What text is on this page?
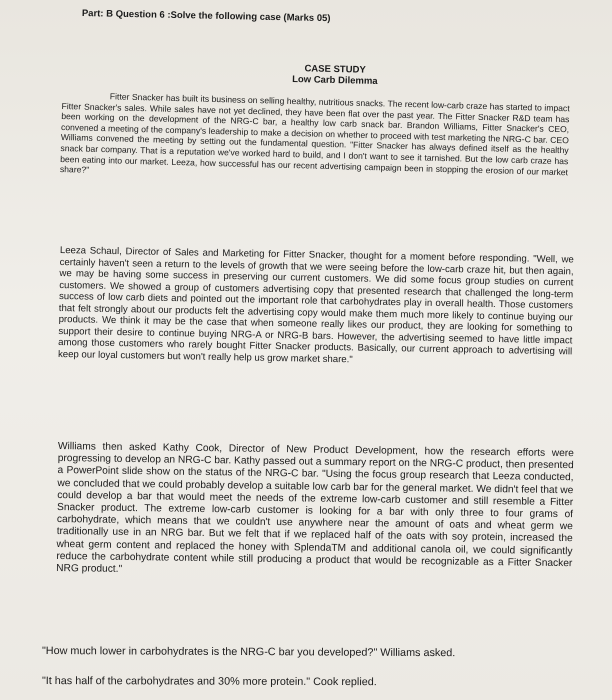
Part: B Question 6 :Solve the following case (Marks 05)
CASE STUDY
Low Carb Dilemma

Fitter Snacker has built its business on selling healthy, nutritious snacks. The recent low-carb craze has started to impact Fitter Snacker's sales. While sales have not yet declined, they have been flat over the past year. The Fitter Snacker R&D team has been working on the development of the NRG-C bar, a healthy low carb snack bar. Brandon Williams, Fitter Snacker's CEO, convened a meeting of the company's leadership to make a decision on whether to proceed with test marketing the NRG-C bar. CEO Williams convened the meeting by setting out the fundamental question. "Fitter Snacker has always defined itself as the healthy snack bar company. That is a reputation we've worked hard to build, and I don't want to see it tarnished. But the low carb craze has been eating into our market. Leeza, how successful has our recent advertising campaign been in stopping the erosion of our market share?"

Leeza Schaul, Director of Sales and Marketing for Fitter Snacker, thought for a moment before responding. "Well, we certainly haven't seen a return to the levels of growth that we were seeing before the low-carb craze hit, but then again, we may be having some success in preserving our current customers. We did some focus group studies on current customers. We showed a group of customers advertising copy that presented research that challenged the long-term success of low carb diets and pointed out the important role that carbohydrates play in overall health. Those customers that felt strongly about our products felt the advertising copy would make them much more likely to continue buying our products. We think it may be the case that when someone really likes our product, they are looking for something to support their desire to continue buying NRG-A or NRG-B bars. However, the advertising seemed to have little impact among those customers who rarely bought Fitter Snacker products. Basically, our current approach to advertising will keep our loyal customers but won't really help us grow market share."

Williams then asked Kathy Cook, Director of New Product Development, how the research efforts were progressing to develop an NRG-C bar. Kathy passed out a summary report on the NRG-C product, then presented a PowerPoint slide show on the status of the NRG-C bar. "Using the focus group research that Leeza conducted, we concluded that we could probably develop a suitable low carb bar for the general market. We didn't feel that we could develop a bar that would meet the needs of the extreme low-carb customer and still resemble a Fitter Snacker product. The extreme low-carb customer is looking for a bar with only three to four grams of carbohydrate, which means that we couldn't use anywhere near the amount of oats and wheat germ we traditionally use in an NRG bar. But we felt that if we replaced half of the oats with soy protein, increased the wheat germ content and replaced the honey with SplendaTM and additional canola oil, we could significantly reduce the carbohydrate content while still producing a product that would be recognizable as a Fitter Snacker NRG product."

"How much lower in carbohydrates is the NRG-C bar you developed?" Williams asked.

"It has half of the carbohydrates and 30% more protein." Cook replied.
